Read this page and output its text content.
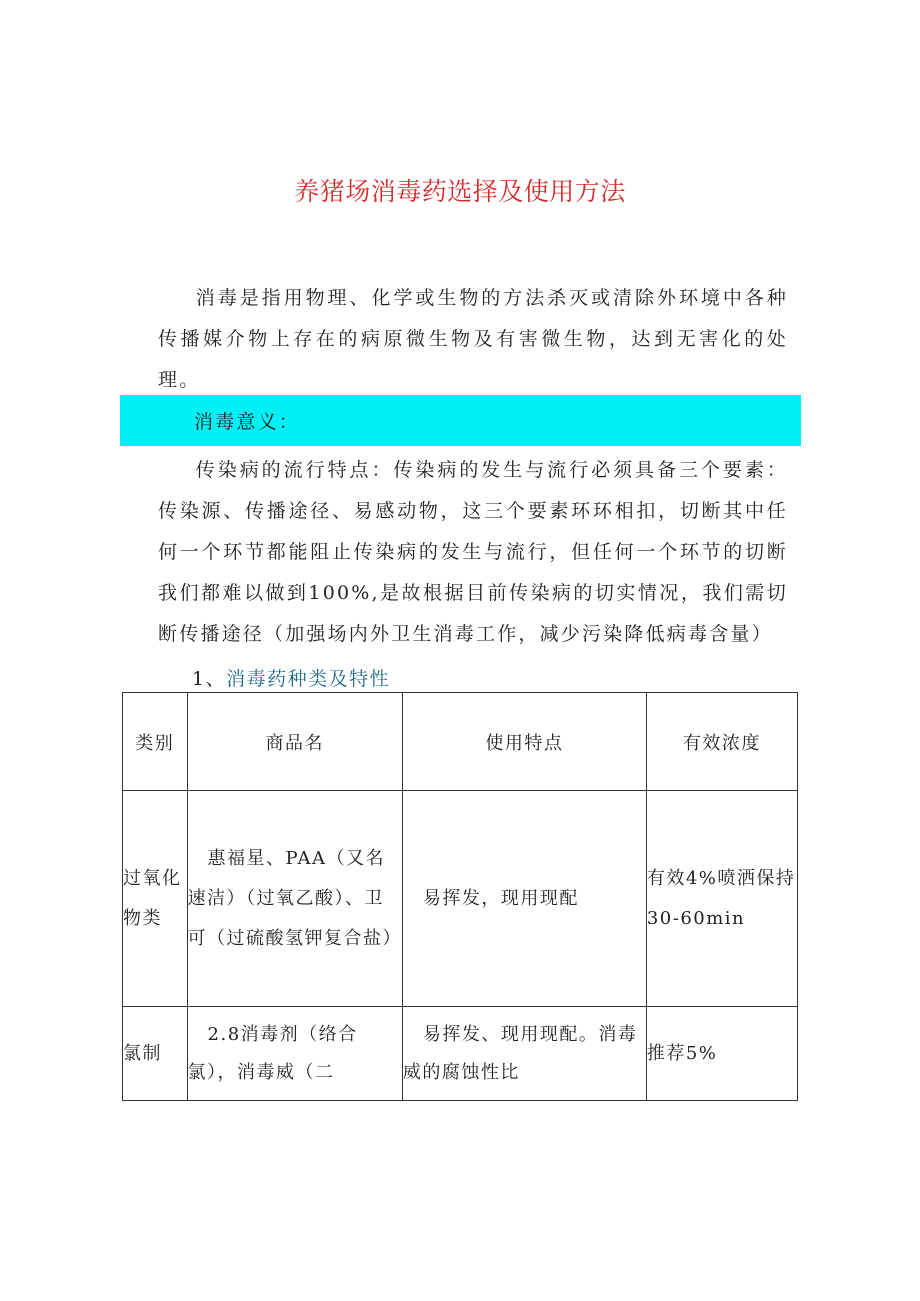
养猪场消毒药选择及使用方法

消毒是指用物理、化学或生物的方法杀灭或清除外环境中各种传播媒介物上存在的病原微生物及有害微生物，达到无害化的处理。

消毒意义：

传染病的流行特点：传染病的发生与流行必须具备三个要素：传染源、传播途径、易感动物，这三个要素环环相扣，切断其中任何一个环节都能阻止传染病的发生与流行，但任何一个环节的切断我们都难以做到100%,是故根据目前传染病的切实情况，我们需切断传播途径（加强场内外卫生消毒工作，减少污染降低病毒含量）

1、消毒药种类及特性
类别	商品名	使用特点	有效浓度
过氧化物类	惠福星、PAA（又名速洁）（过氧乙酸）、卫可（过硫酸氢钾复合盐）	易挥发，现用现配	有效4%喷洒保持30-60min
氯制	2.8消毒剂（络合氯），消毒威（二	易挥发、现用现配。消毒威的腐蚀性比	推荐5%
